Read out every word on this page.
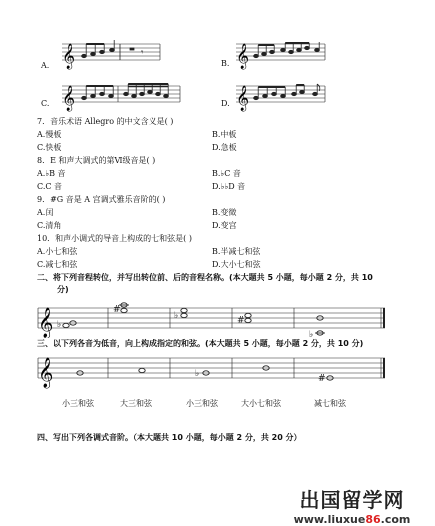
𝄞	𝄾	𝄞
𝄞	𝄞
A.	B.
C.	D.
7．音乐术语 Allegro 的中文含义是( )
A.慢板	B.中板
C.快板	D.急板
8．E 和声大调式的第Ⅵ级音是( )
A.♭B 音	B.♭C 音
C.C 音	D.♭♭D 音
9．#G 音是 A 宫调式雅乐音阶的( )
A.闰	B.变徵
C.清角	D.变宫
10．和声小调式的导音上构成的七和弦是( )
A.小七和弦	B.半减七和弦
C.减七和弦	D.大小七和弦
二、将下列音程转位，并写出转位前、后的音程名称。(本大题共 5 小题，每小题 2 分，共 10
分)
𝄞 ♭
#
♭	#
♭
三、以下列各音为低音，向上构成指定的和弦。(本大题共 5 小题，每小题 2 分，共 10 分)
𝄞	♭	#
小三和弦	大三和弦	小三和弦	大小七和弦	减七和弦
四、写出下列各调式音阶。（本大题共 10 小题，每小题 2 分，共 20 分）
出国留学网
www.liuxue86.com
